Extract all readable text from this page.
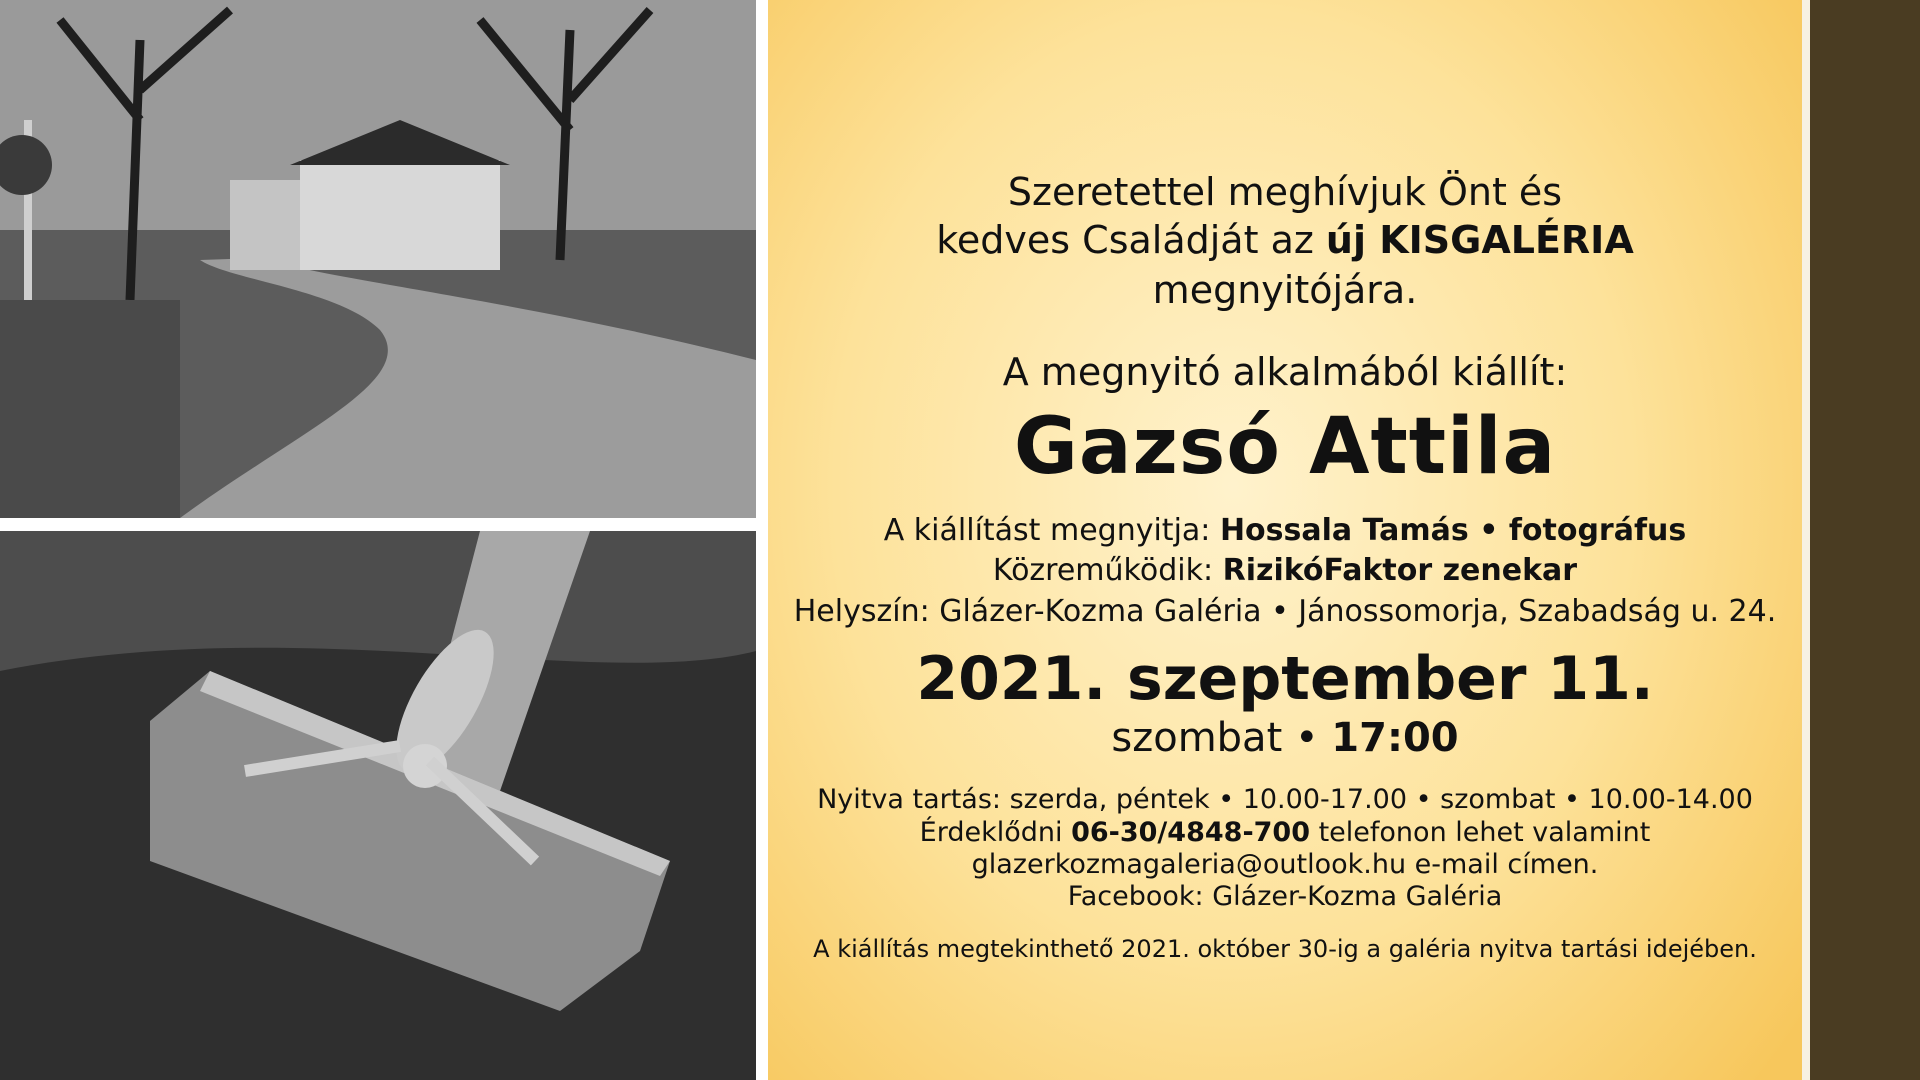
Szeretettel meghívjuk Önt és
kedves Családját az új KISGALÉRIA
megnyitójára.
A megnyitó alkalmából kiállít:
Gazsó Attila
A kiállítást megnyitja: Hossala Tamás • fotográfus
Közreműködik: RizikóFaktor zenekar
Helyszín: Glázer-Kozma Galéria • Jánossomorja, Szabadság u. 24.
2021. szeptember 11.
szombat • 17:00
Nyitva tartás: szerda, péntek • 10.00-17.00 • szombat • 10.00-14.00
Érdeklődni 06-30/4848-700 telefonon lehet valamint
glazerkozmagaleria@outlook.hu e-mail címen.
Facebook: Glázer-Kozma Galéria
A kiállítás megtekinthető 2021. október 30-ig a galéria nyitva tartási idejében.
